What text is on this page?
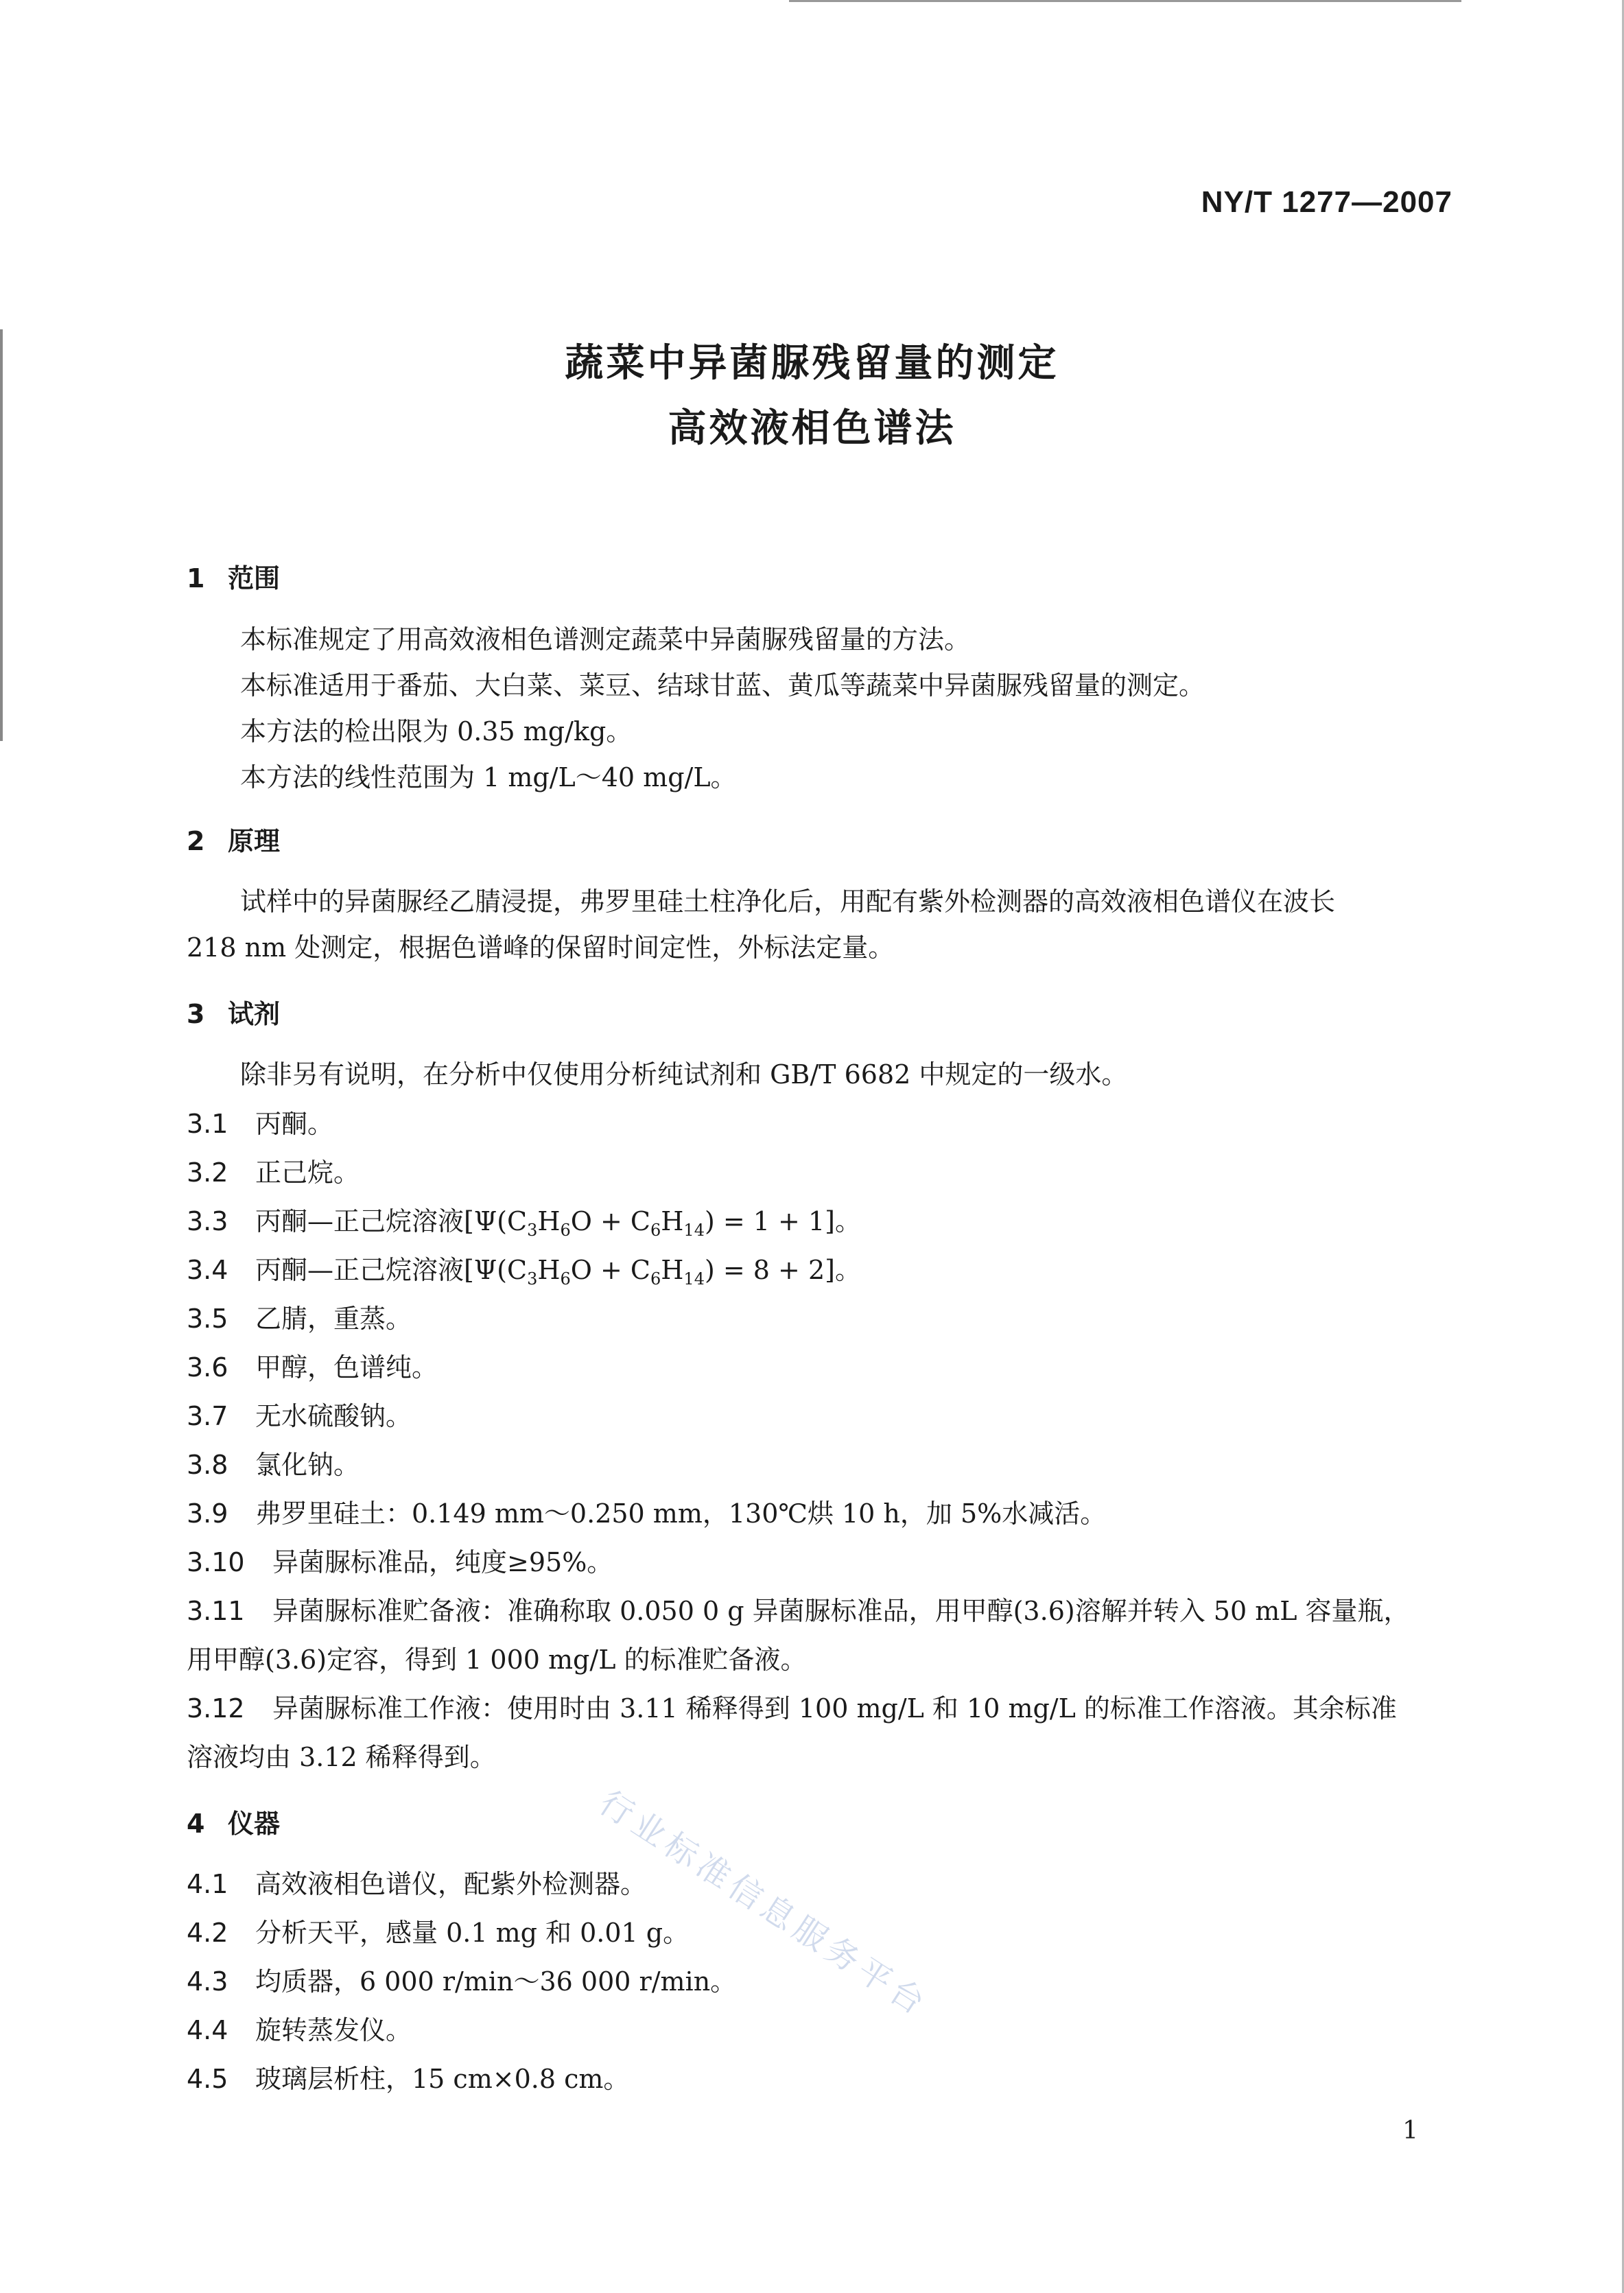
NY/T 1277—2007
蔬菜中异菌脲残留量的测定
高效液相色谱法
1 范围
本标准规定了用高效液相色谱测定蔬菜中异菌脲残留量的方法。
本标准适用于番茄、大白菜、菜豆、结球甘蓝、黄瓜等蔬菜中异菌脲残留量的测定。
本方法的检出限为 0.35 mg/kg。
本方法的线性范围为 1 mg/L～40 mg/L。
2 原理
试样中的异菌脲经乙腈浸提，弗罗里硅土柱净化后，用配有紫外检测器的高效液相色谱仪在波长
218 nm 处测定，根据色谱峰的保留时间定性，外标法定量。
3 试剂
除非另有说明，在分析中仅使用分析纯试剂和 GB/T 6682 中规定的一级水。
3.1 丙酮。
3.2 正己烷。
3.3 丙酮—正己烷溶液$[\Psi(C_3H_6O + C_6H_{14}) = 1 + 1]$。
3.4 丙酮—正己烷溶液$[\Psi(C_3H_6O + C_6H_{14}) = 8 + 2]$。
3.5 乙腈，重蒸。
3.6 甲醇，色谱纯。
3.7 无水硫酸钠。
3.8 氯化钠。
3.9 弗罗里硅土：0.149 mm～0.250 mm，130℃烘 10 h，加 5%水减活。
3.10 异菌脲标准品，纯度≥95%。
3.11 异菌脲标准贮备液：准确称取 0.050 0 g 异菌脲标准品，用甲醇(3.6)溶解并转入 50 mL 容量瓶，
用甲醇(3.6)定容，得到 1 000 mg/L 的标准贮备液。
3.12 异菌脲标准工作液：使用时由 3.11 稀释得到 100 mg/L 和 10 mg/L 的标准工作溶液。其余标准
溶液均由 3.12 稀释得到。
4 仪器
4.1 高效液相色谱仪，配紫外检测器。
4.2 分析天平，感量 0.1 mg 和 0.01 g。
4.3 均质器，6 000 r/min～36 000 r/min。
4.4 旋转蒸发仪。
4.5 玻璃层析柱，15 cm×0.8 cm。
行业标准信息服务平台
1
